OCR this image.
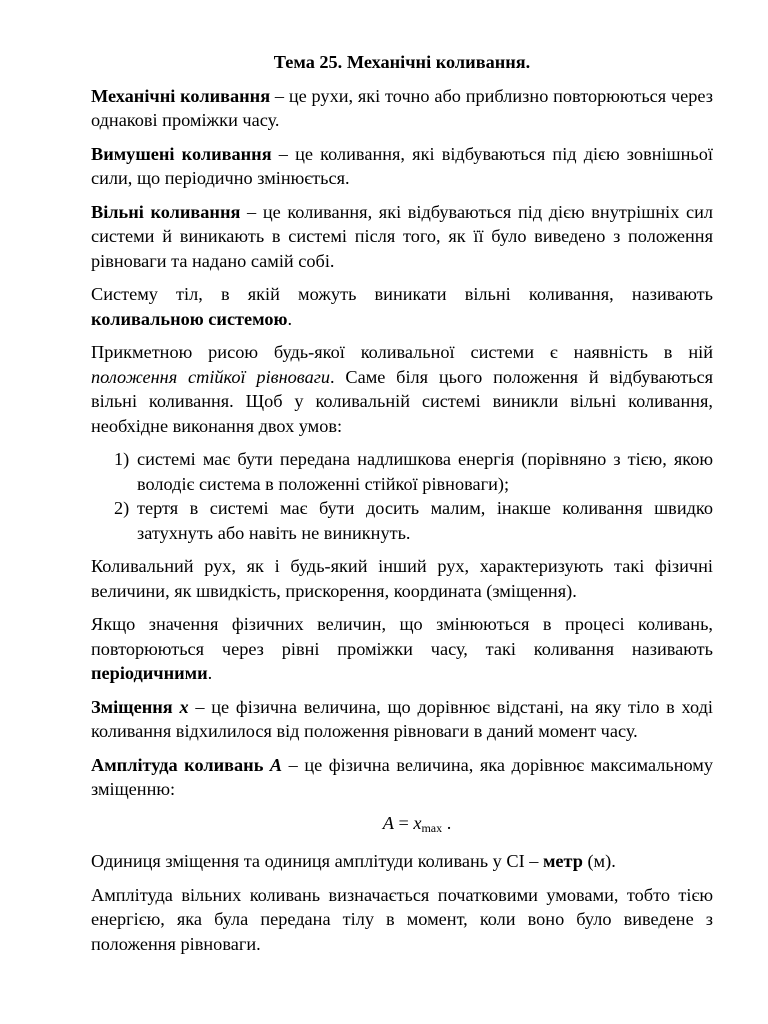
Тема 25. Механічні коливання.

Механічні коливання – це рухи, які точно або приблизно повторюються через однакові проміжки часу.

Вимушені коливання – це коливання, які відбуваються під дією зовнішньої сили, що періодично змінюється.

Вільні коливання – це коливання, які відбуваються під дією внутрішніх сил системи й виникають в системі після того, як її було виведено з положення рівноваги та надано самій собі.

Систему тіл, в якій можуть виникати вільні коливання, називають коливальною системою.

Прикметною рисою будь-якої коливальної системи є наявність в ній положення стійкої рівноваги. Саме біля цього положення й відбуваються вільні коливання. Щоб у коливальній системі виникли вільні коливання, необхідне виконання двох умов:

1) системі має бути передана надлишкова енергія (порівняно з тією, якою володіє система в положенні стійкої рівноваги);
2) тертя в системі має бути досить малим, інакше коливання швидко затухнуть або навіть не виникнуть.

Коливальний рух, як і будь-який інший рух, характеризують такі фізичні величини, як швидкість, прискорення, координата (зміщення).

Якщо значення фізичних величин, що змінюються в процесі коливань, повторюються через рівні проміжки часу, такі коливання називають періодичними.

Зміщення x – це фізична величина, що дорівнює відстані, на яку тіло в ході коливання відхилилося від положення рівноваги в даний момент часу.

Амплітуда коливань A – це фізична величина, яка дорівнює максимальному зміщенню:

$A = x_{max}$ .

Одиниця зміщення та одиниця амплітуди коливань у СІ – метр (м).

Амплітуда вільних коливань визначається початковими умовами, тобто тією енергією, яка була передана тілу в момент, коли воно було виведене з положення рівноваги.
